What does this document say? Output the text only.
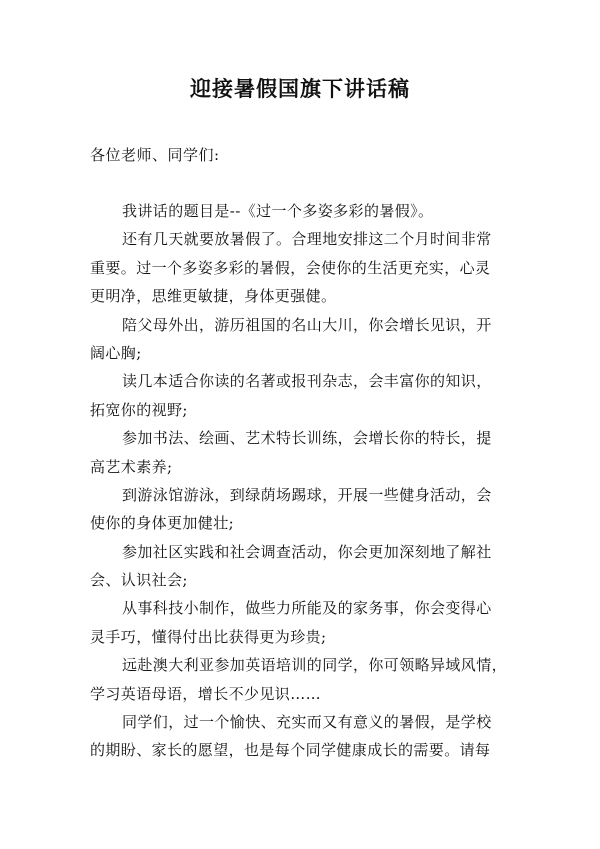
迎接暑假国旗下讲话稿
各位老师、同学们:
我讲话的题目是--《过一个多姿多彩的暑假》。
还有几天就要放暑假了。合理地安排这二个月时间非常
重要。过一个多姿多彩的暑假，会使你的生活更充实，心灵
更明净，思维更敏捷，身体更强健。
陪父母外出，游历祖国的名山大川，你会增长见识，开
阔心胸;
读几本适合你读的名著或报刊杂志，会丰富你的知识，
拓宽你的视野;
参加书法、绘画、艺术特长训练，会增长你的特长，提
高艺术素养;
到游泳馆游泳，到绿荫场踢球，开展一些健身活动，会
使你的身体更加健壮;
参加社区实践和社会调查活动，你会更加深刻地了解社
会、认识社会;
从事科技小制作，做些力所能及的家务事，你会变得心
灵手巧，懂得付出比获得更为珍贵;
远赴澳大利亚参加英语培训的同学，你可领略异域风情，
学习英语母语，增长不少见识……
同学们，过一个愉快、充实而又有意义的暑假，是学校
的期盼、家长的愿望，也是每个同学健康成长的需要。请每
